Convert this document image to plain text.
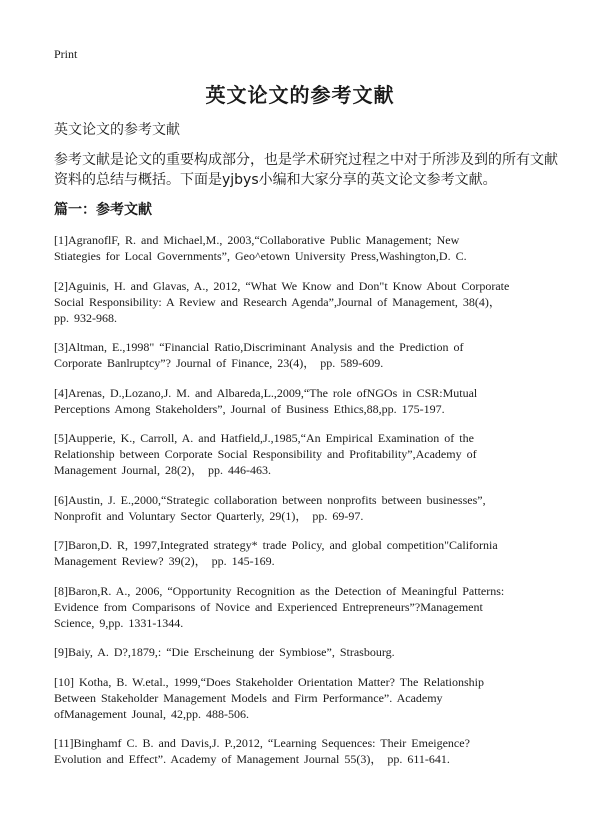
Print
英文论文的参考文献
英文论文的参考文献
参考文献是论文的重要构成部分，也是学术研究过程之中对于所涉及到的所有文献
资料的总结与概括。下面是yjbys小编和大家分享的英文论文参考文献。
篇一：参考文献
[1]AgranoflF, R. and Michael,M., 2003,“Collaborative Public Management; New
Stiategies for Local Governments”, Geo^etown University Press,Washington,D. C.
[2]Aguinis, H. and Glavas, A., 2012, “What We Know and Don"t Know About Corporate
Social Responsibility: A Review and Research Agenda”,Journal of Management, 38(4)，
pp. 932-968.
[3]Altman, E.,1998" “Financial Ratio,Discriminant Analysis and the Prediction of
Corporate Banlruptcy”? Journal of Finance, 23(4)， pp. 589-609.
[4]Arenas, D.,Lozano,J. M. and Albareda,L.,2009,“The role ofNGOs in CSR:Mutual
Perceptions Among Stakeholders”, Journal of Business Ethics,88,pp. 175-197.
[5]Aupperie, K., Carroll, A. and Hatfield,J.,1985,“An Empirical Examination of the
Relationship between Corporate Social Responsibility and Profitability”,Academy of
Management Journal, 28(2)， pp. 446-463.
[6]Austin, J. E.,2000,“Strategic collaboration between nonprofits between businesses”,
Nonprofit and Voluntary Sector Quarterly, 29(1)， pp. 69-97.
[7]Baron,D. R, 1997,Integrated strategy* trade Policy, and global competition"California
Management Review? 39(2)， pp. 145-169.
[8]Baron,R. A., 2006, “Opportunity Recognition as the Detection of Meaningful Patterns:
Evidence from Comparisons of Novice and Experienced Entrepreneurs”?Management
Science, 9,pp. 1331-1344.
[9]Baiy, A. D?,1879,: “Die Erscheinung der Symbiose”, Strasbourg.
[10] Kotha, B. W.etal., 1999,“Does Stakeholder Orientation Matter? The Relationship
Between Stakeholder Management Models and Firm Performance”. Academy
ofManagement Jounal, 42,pp. 488-506.
[11]Binghamf C. B. and Davis,J. P.,2012, “Learning Sequences: Their Emeigence?
Evolution and Effect”. Academy of Management Journal 55(3)， pp. 611-641.
